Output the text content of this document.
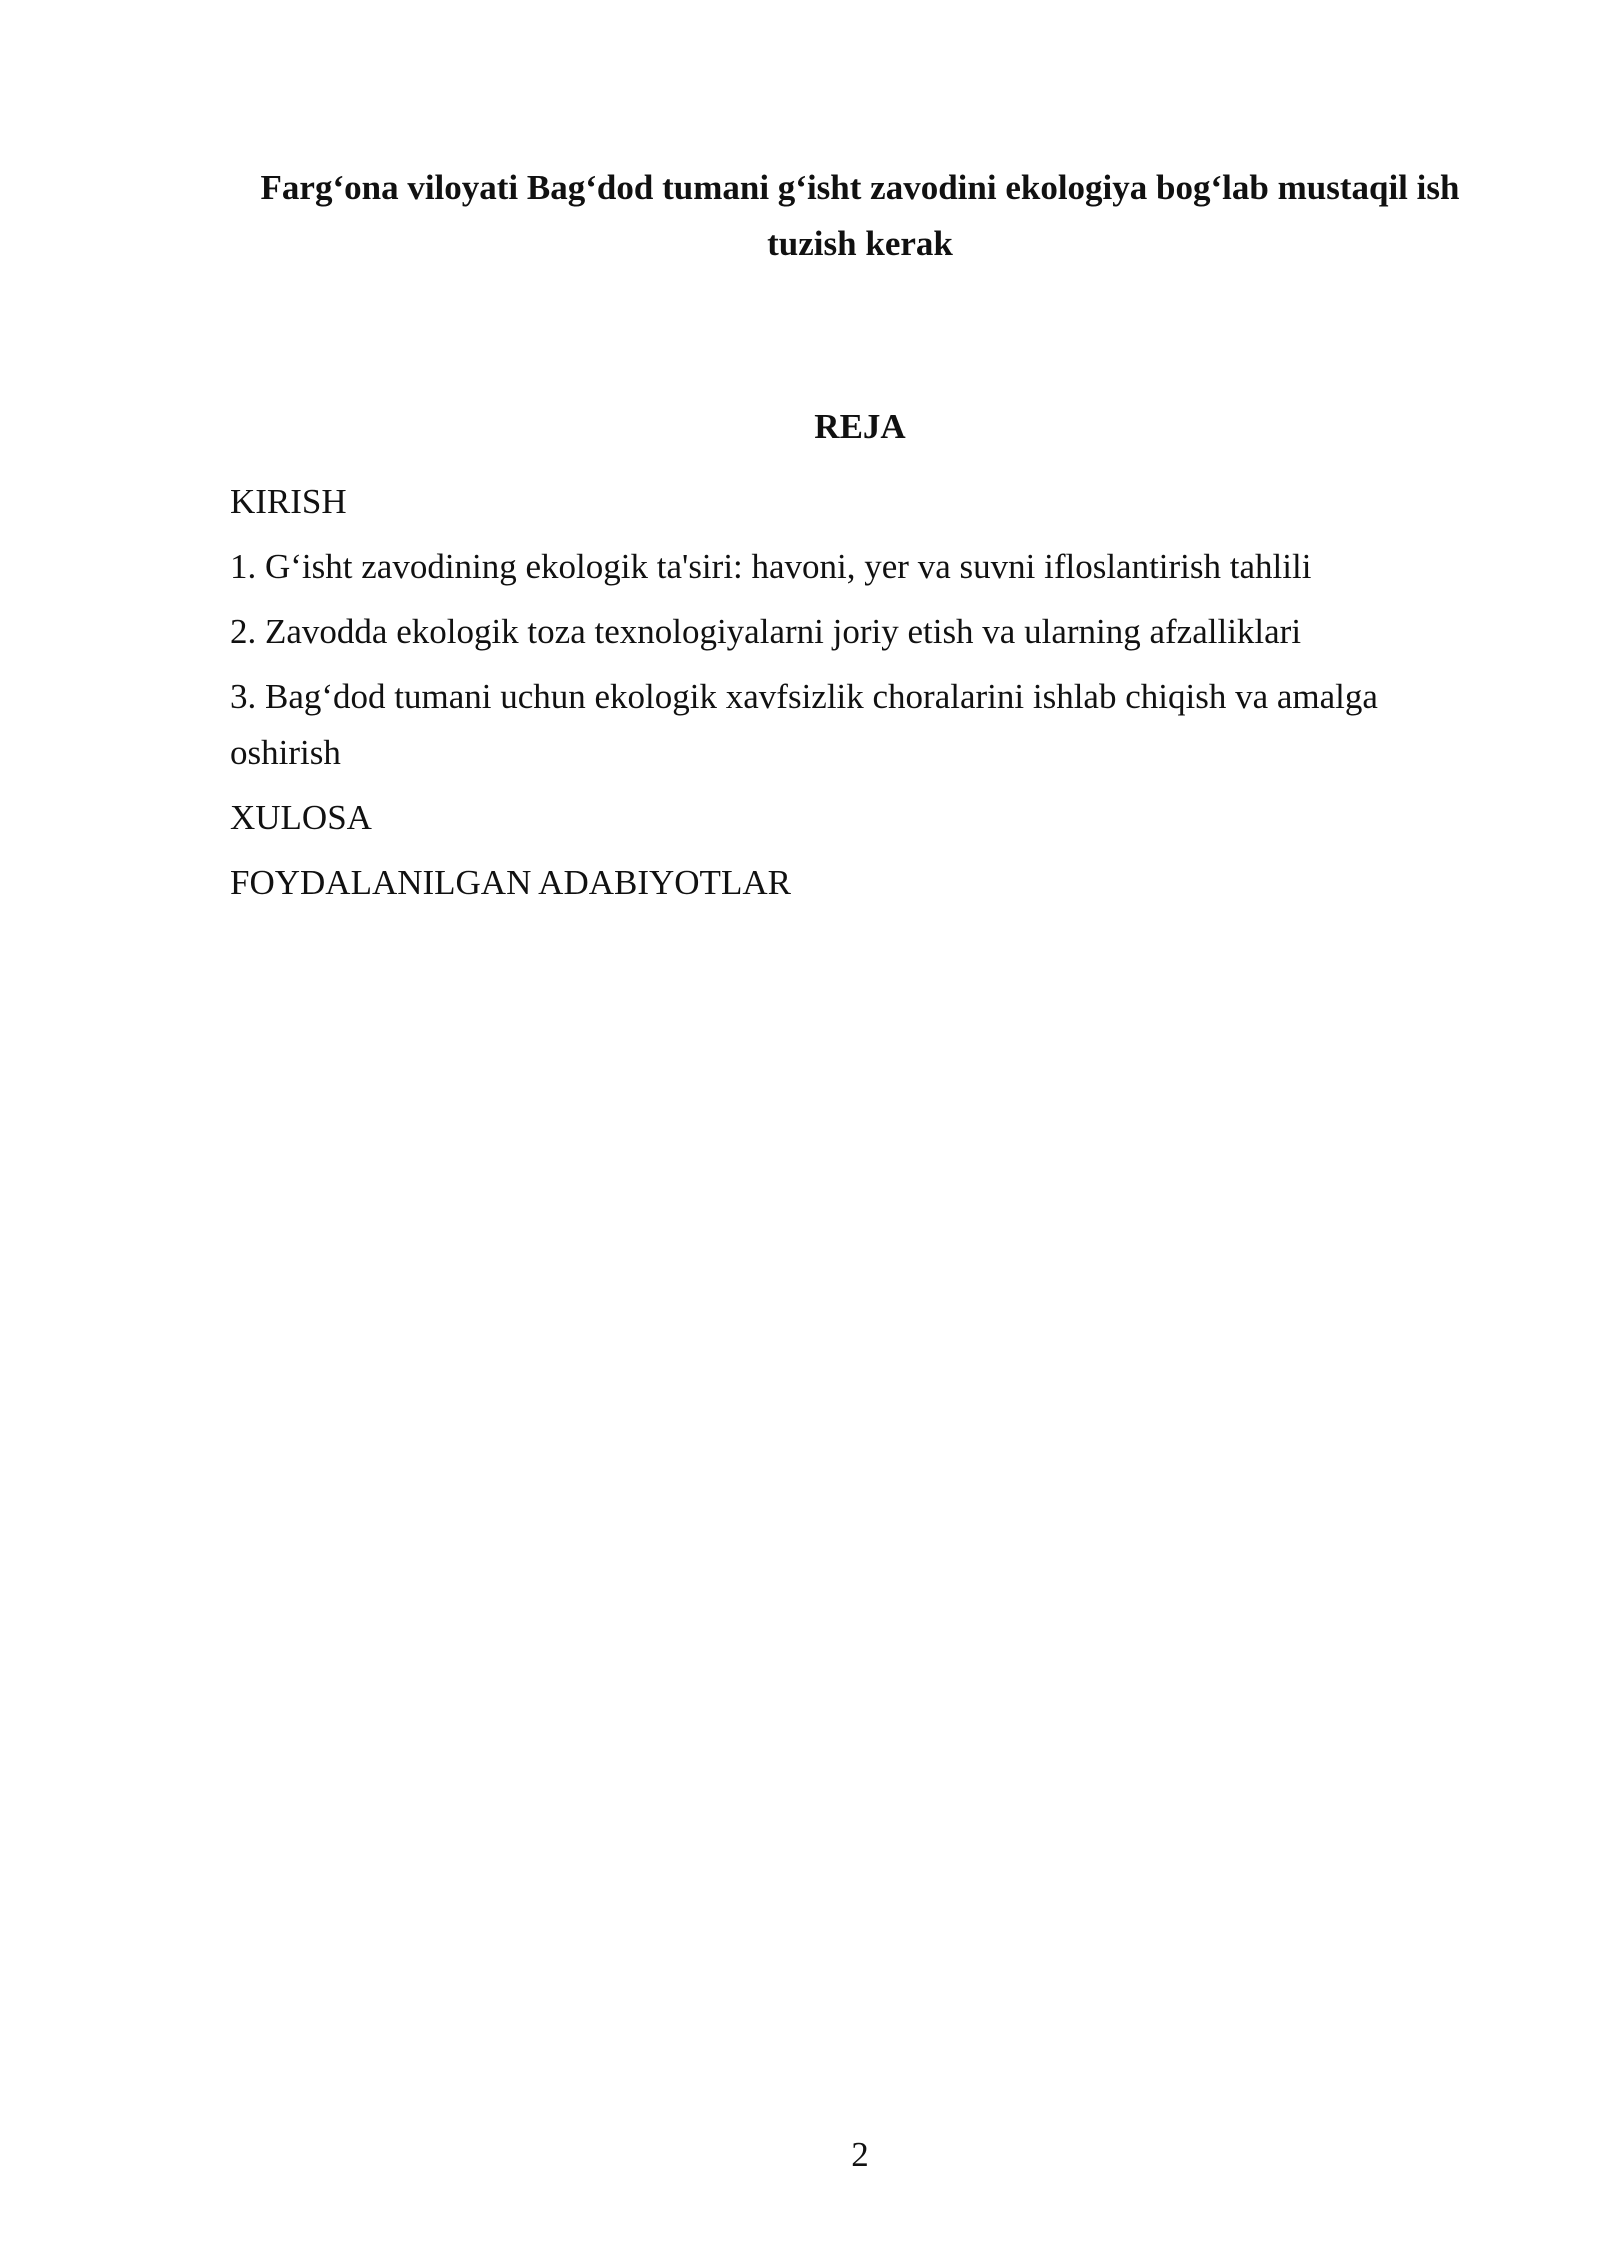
Farg‘ona viloyati Bag‘dod tumani g‘isht zavodini ekologiya bog‘lab mustaqil ish tuzish kerak
REJA
KIRISH
1. G‘isht zavodining ekologik ta'siri: havoni, yer va suvni ifloslantirish tahlili
2. Zavodda ekologik toza texnologiyalarni joriy etish va ularning afzalliklari
3. Bag‘dod tumani uchun ekologik xavfsizlik choralarini ishlab chiqish va amalga oshirish
XULOSA
FOYDALANILGAN ADABIYOTLAR

2
